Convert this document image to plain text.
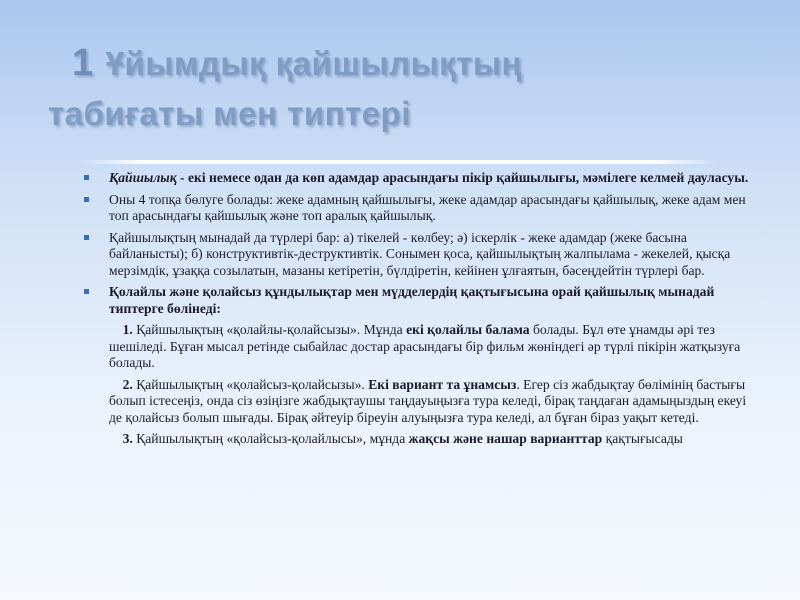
1 Ұйымдық қайшылықтың
табиғаты мен типтері
Қайшылық - екі немесе одан да көп адамдар арасындағы пікір қайшылығы, мәмілеге келмей дауласуы.
Оны 4 топқа бөлуге болады: жеке адамның қайшылығы, жеке адамдар арасындағы қайшылық, жеке адам мен топ арасындағы қайшылық және топ аралық қайшылық.
Қайшылықтың мынадай да түрлері бар: а) тікелей - көлбеу; ә) іскерлік - жеке адамдар (жеке басына байланысты); б) конструктивтік-деструктивтік. Сонымен қоса, қайшылықтың жалпылама - жекелей, қысқа мерзімдік, ұзаққа созылатын, мазаны кетіретін, бүлдіретін, кейінен ұлғаятын, бәсеңдейтін түрлері бар.
Қолайлы және қолайсыз құндылықтар мен мүдделердің қақтығысына орай қайшылық мынадай типтерге бөлінеді:
1. Қайшылықтың «қолайлы-қолайсызы». Мұнда екі қолайлы балама болады. Бұл өте ұнамды әрі тез шешіледі. Бұған мысал ретінде сыбайлас достар арасындағы бір фильм жөніндегі әр түрлі пікірін жатқызуға болады.
2. Қайшылықтың «қолайсыз-қолайсызы». Екі вариант та ұнамсыз. Егер сіз жабдықтау бөлімінің бастығы болып істесеңіз, онда сіз өзіңізге жабдықтаушы таңдауыңызға тура келеді, бірақ таңдаған адамыңыздың екеуі де қолайсыз болып шығады. Бірақ әйтеуір біреуін алуыңызға тура келеді, ал бұған біраз уақыт кетеді.
3. Қайшылықтың «қолайсыз-қолайлысы», мұнда жақсы және нашар варианттар қақтығысады
